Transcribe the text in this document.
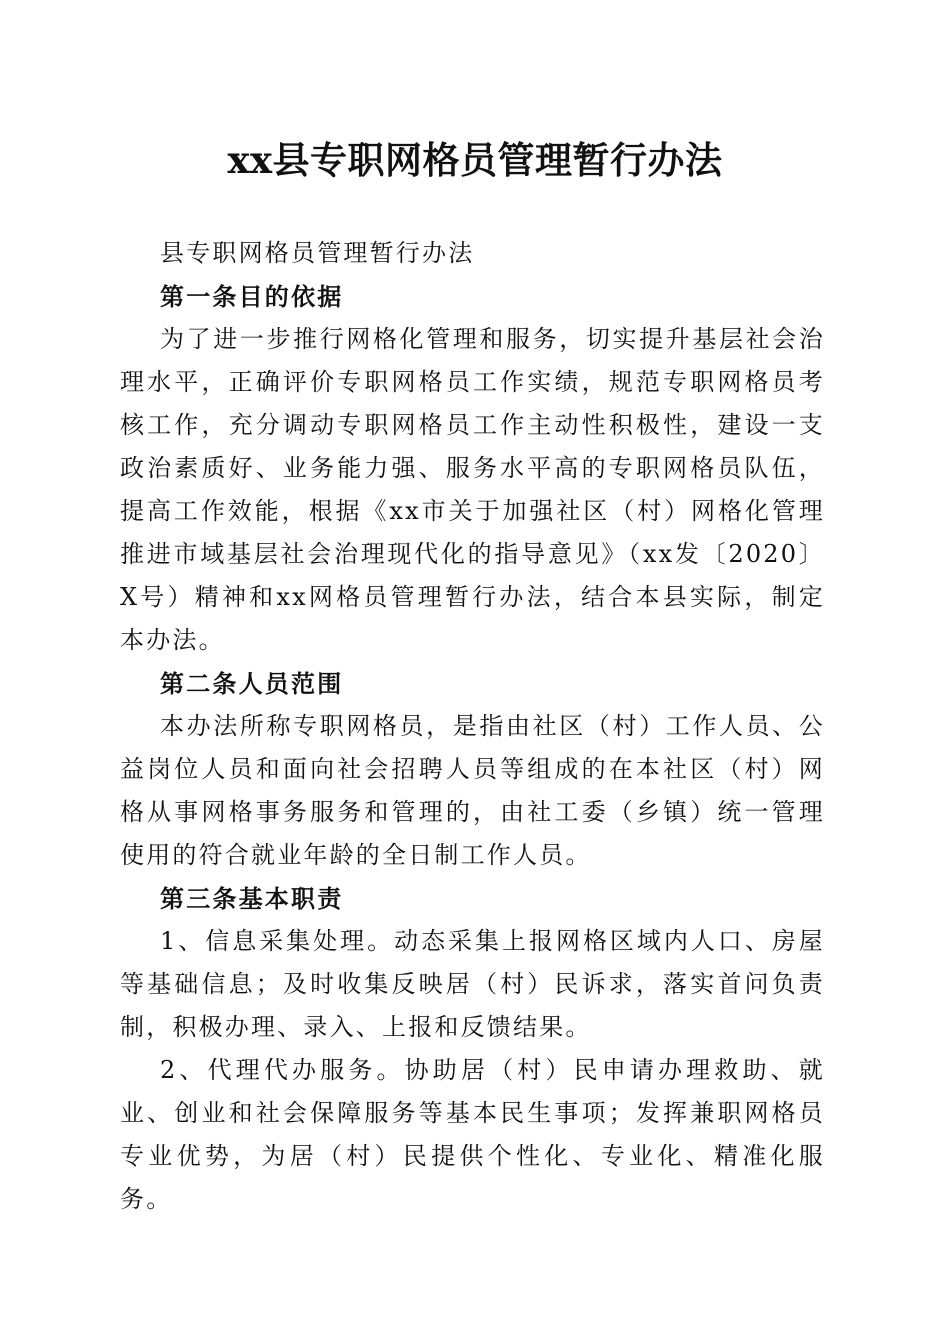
xx县专职网格员管理暂行办法

县专职网格员管理暂行办法

第一条目的依据

为了进一步推行网格化管理和服务，切实提升基层社会治理水平，正确评价专职网格员工作实绩，规范专职网格员考核工作，充分调动专职网格员工作主动性积极性，建设一支政治素质好、业务能力强、服务水平高的专职网格员队伍，提高工作效能，根据《xx市关于加强社区（村）网格化管理推进市域基层社会治理现代化的指导意见》（xx发〔2020〕X号）精神和xx网格员管理暂行办法，结合本县实际，制定本办法。

第二条人员范围

本办法所称专职网格员，是指由社区（村）工作人员、公益岗位人员和面向社会招聘人员等组成的在本社区（村）网格从事网格事务服务和管理的，由社工委（乡镇）统一管理使用的符合就业年龄的全日制工作人员。

第三条基本职责

1、信息采集处理。动态采集上报网格区域内人口、房屋等基础信息；及时收集反映居（村）民诉求，落实首问负责制，积极办理、录入、上报和反馈结果。

2、代理代办服务。协助居（村）民申请办理救助、就业、创业和社会保障服务等基本民生事项；发挥兼职网格员专业优势，为居（村）民提供个性化、专业化、精准化服务。
